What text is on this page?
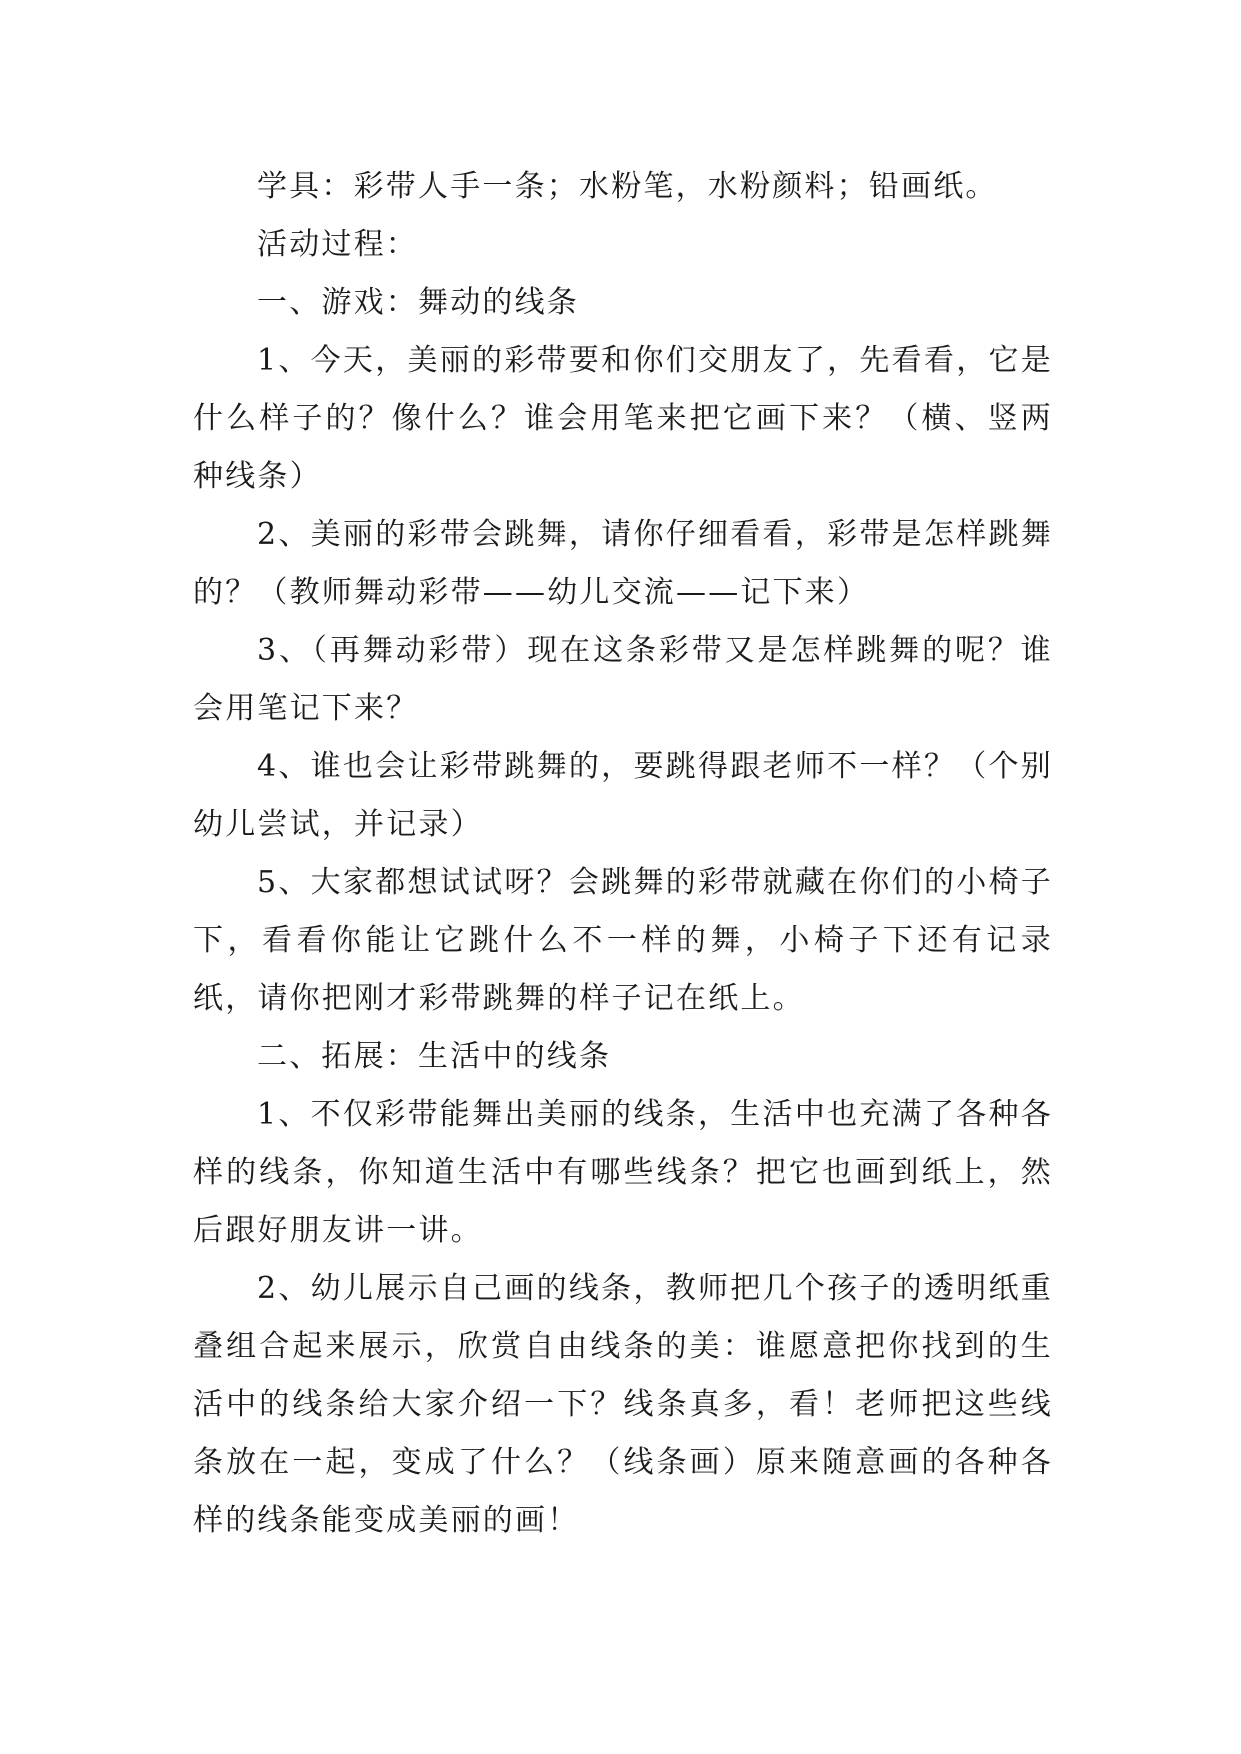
学具：彩带人手一条；水粉笔，水粉颜料；铅画纸。

活动过程：

一、游戏：舞动的线条

1、今天，美丽的彩带要和你们交朋友了，先看看，它是什么样子的？像什么？谁会用笔来把它画下来？（横、竖两种线条）

2、美丽的彩带会跳舞，请你仔细看看，彩带是怎样跳舞的？（教师舞动彩带——幼儿交流——记下来）

3、（再舞动彩带）现在这条彩带又是怎样跳舞的呢？谁会用笔记下来？

4、谁也会让彩带跳舞的，要跳得跟老师不一样？（个别幼儿尝试，并记录）

5、大家都想试试呀？会跳舞的彩带就藏在你们的小椅子下，看看你能让它跳什么不一样的舞，小椅子下还有记录纸，请你把刚才彩带跳舞的样子记在纸上。

二、拓展：生活中的线条

1、不仅彩带能舞出美丽的线条，生活中也充满了各种各样的线条，你知道生活中有哪些线条？把它也画到纸上，然后跟好朋友讲一讲。

2、幼儿展示自己画的线条，教师把几个孩子的透明纸重叠组合起来展示，欣赏自由线条的美：谁愿意把你找到的生活中的线条给大家介绍一下？线条真多，看！老师把这些线条放在一起，变成了什么？（线条画）原来随意画的各种各样的线条能变成美丽的画！
